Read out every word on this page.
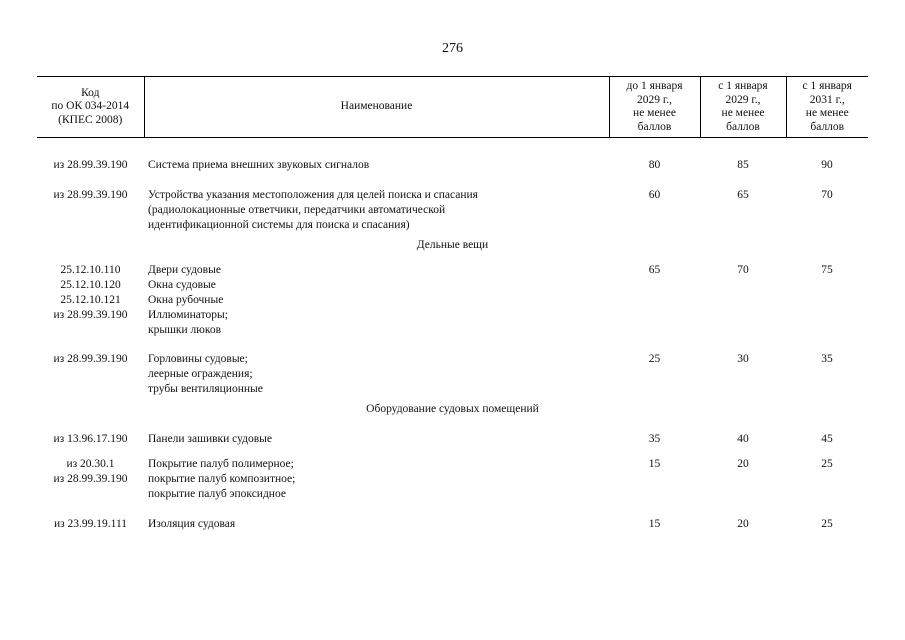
276
Код
по ОК 034-2014
(КПЕС 2008)	Наименование	до 1 января
2029 г.,
не менее
баллов	с 1 января
2029 г.,
не менее
баллов	с 1 января
2031 г.,
не менее
баллов

из 28.99.39.190	Система приема внешних звуковых сигналов	80	85	90

из 28.99.39.190	Устройства указания местоположения для целей поиска и спасания
(радиолокационные ответчики, передатчики автоматической
идентификационной системы для поиска и спасания)	60	65	70
Дельные вещи				

25.12.10.110
25.12.10.120
25.12.10.121
из 28.99.39.190	Двери судовые
Окна судовые
Окна рубочные
Иллюминаторы;
крышки люков	65	70	75

из 28.99.39.190	Горловины судовые;
леерные ограждения;
трубы вентиляционные	25	30	35
Оборудование судовых помещений				

из 13.96.17.190	Панели зашивки судовые	35	40	45

из 20.30.1
из 28.99.39.190	Покрытие палуб полимерное;
покрытие палуб композитное;
покрытие палуб эпоксидное	15	20	25

из 23.99.19.111	Изоляция судовая	15	20	25
